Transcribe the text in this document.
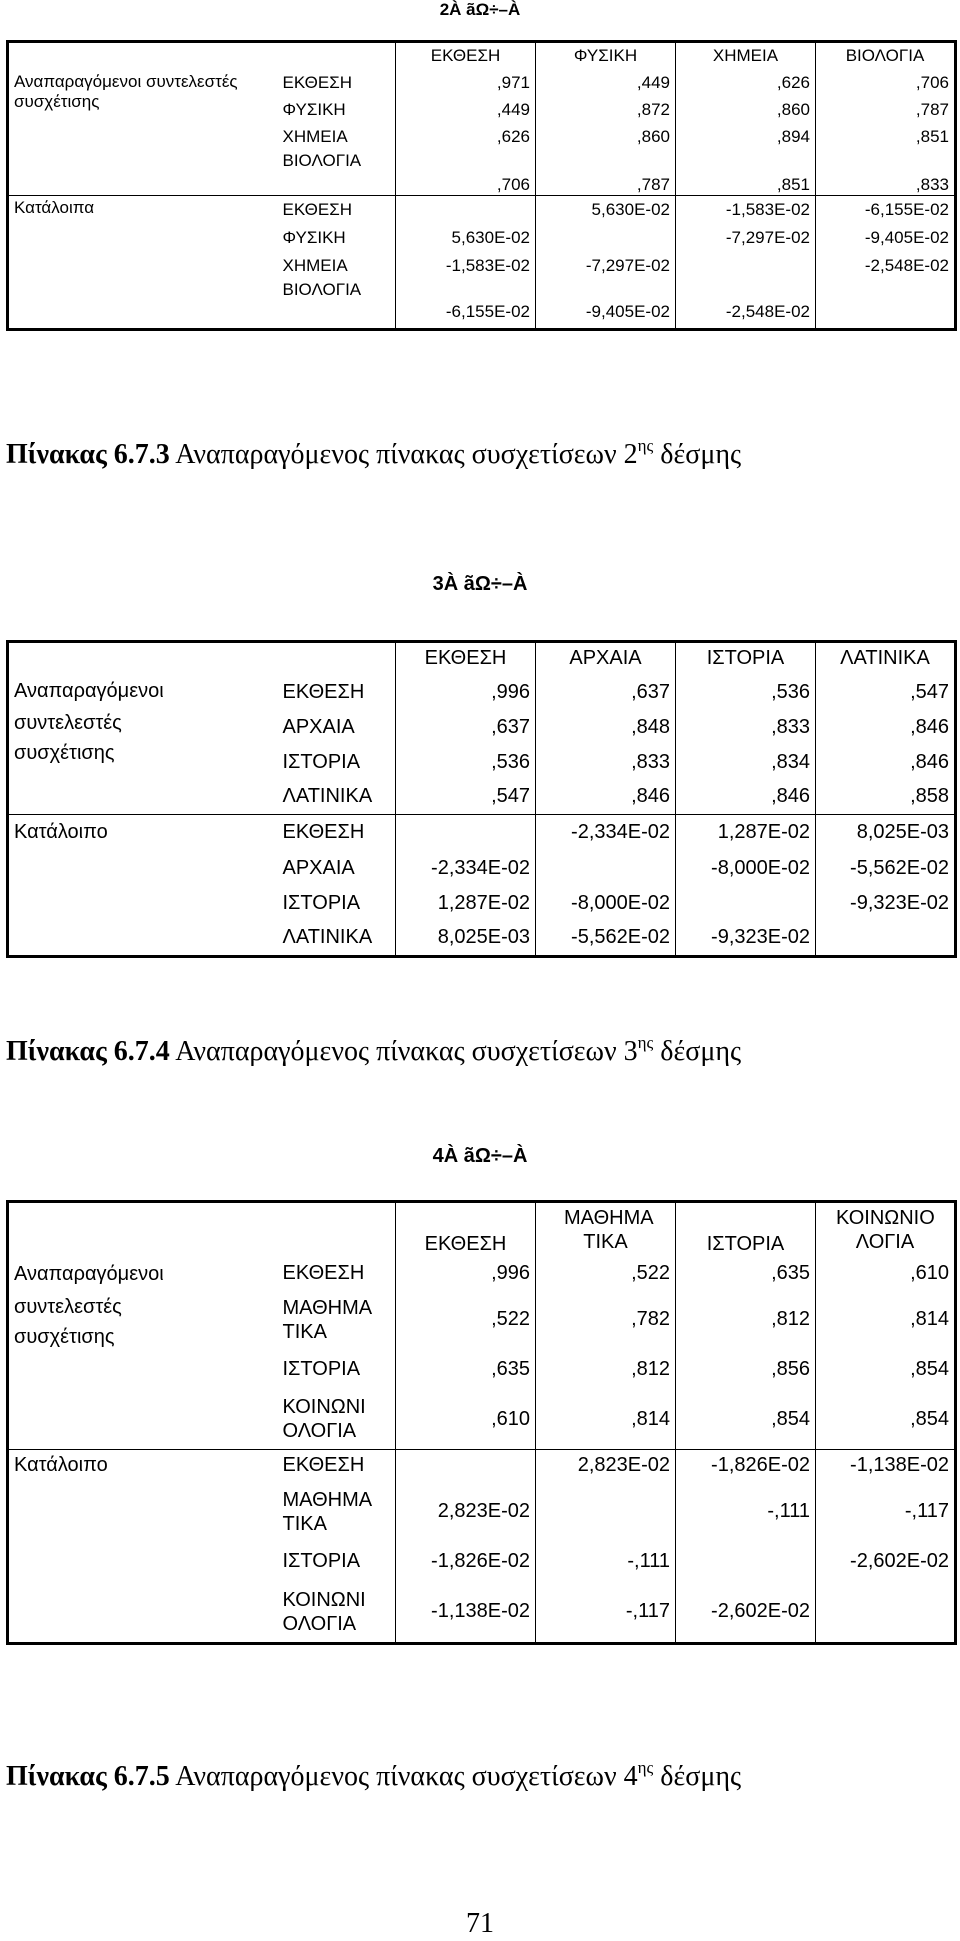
2À ãΩ÷–À
		ΕΚΘΕΣΗ	ΦΥΣΙΚΗ	ΧΗΜΕΙΑ	ΒΙΟΛΟΓΙΑ
Αναπαραγόμενοι συντελεστές συσχέτισης	ΕΚΘΕΣΗ	,971	,449	,626	,706
	ΦΥΣΙΚΗ	,449	,872	,860	,787
	ΧΗΜΕΙΑ	,626	,860	,894	,851
	ΒΙΟΛΟΓΙΑ	,706	,787	,851	,833
Κατάλοιπα	ΕΚΘΕΣΗ		5,630E-02	-1,583E-02	-6,155E-02
	ΦΥΣΙΚΗ	5,630E-02		-7,297E-02	-9,405E-02
	ΧΗΜΕΙΑ	-1,583E-02	-7,297E-02		-2,548E-02
	ΒΙΟΛΟΓΙΑ	-6,155E-02	-9,405E-02	-2,548E-02	
Πίνακας 6.7.3 Αναπαραγόμενος πίνακας συσχετίσεων $2^{\eta\varsigma}$ δέσμης
3À ãΩ÷–À
		ΕΚΘΕΣΗ	ΑΡΧΑΙΑ	ΙΣΤΟΡΙΑ	ΛΑΤΙΝΙΚΑ

Αναπαραγόμενοι
συντελεστές
συσχέτισης	ΕΚΘΕΣΗ	,996	,637	,536	,547
	ΑΡΧΑΙΑ	,637	,848	,833	,846
	ΙΣΤΟΡΙΑ	,536	,833	,834	,846
	ΛΑΤΙΝΙΚΑ	,547	,846	,846	,858
Κατάλοιπο	ΕΚΘΕΣΗ		-2,334E-02	1,287E-02	8,025E-03
	ΑΡΧΑΙΑ	-2,334E-02		-8,000E-02	-5,562E-02
	ΙΣΤΟΡΙΑ	1,287E-02	-8,000E-02		-9,323E-02
	ΛΑΤΙΝΙΚΑ	8,025E-03	-5,562E-02	-9,323E-02	
Πίνακας 6.7.4 Αναπαραγόμενος πίνακας συσχετίσεων $3^{\eta\varsigma}$ δέσμης
4À ãΩ÷–À
		ΕΚΘΕΣΗ	ΜΑΘΗΜΑ ΤΙΚΑ	ΙΣΤΟΡΙΑ	ΚΟΙΝΩΝΙΟ ΛΟΓΙΑ

Αναπαραγόμενοι
συντελεστές
συσχέτισης	ΕΚΘΕΣΗ	,996	,522	,635	,610
	ΜΑΘΗΜΑ ΤΙΚΑ	,522	,782	,812	,814
	ΙΣΤΟΡΙΑ	,635	,812	,856	,854
	ΚΟΙΝΩΝΙ ΟΛΟΓΙΑ	,610	,814	,854	,854
Κατάλοιπο	ΕΚΘΕΣΗ		2,823E-02	-1,826E-02	-1,138E-02
	ΜΑΘΗΜΑ ΤΙΚΑ	2,823E-02		-,111	-,117
	ΙΣΤΟΡΙΑ	-1,826E-02	-,111		-2,602E-02
	ΚΟΙΝΩΝΙ ΟΛΟΓΙΑ	-1,138E-02	-,117	-2,602E-02	
Πίνακας 6.7.5 Αναπαραγόμενος πίνακας συσχετίσεων $4^{\eta\varsigma}$ δέσμης
71
